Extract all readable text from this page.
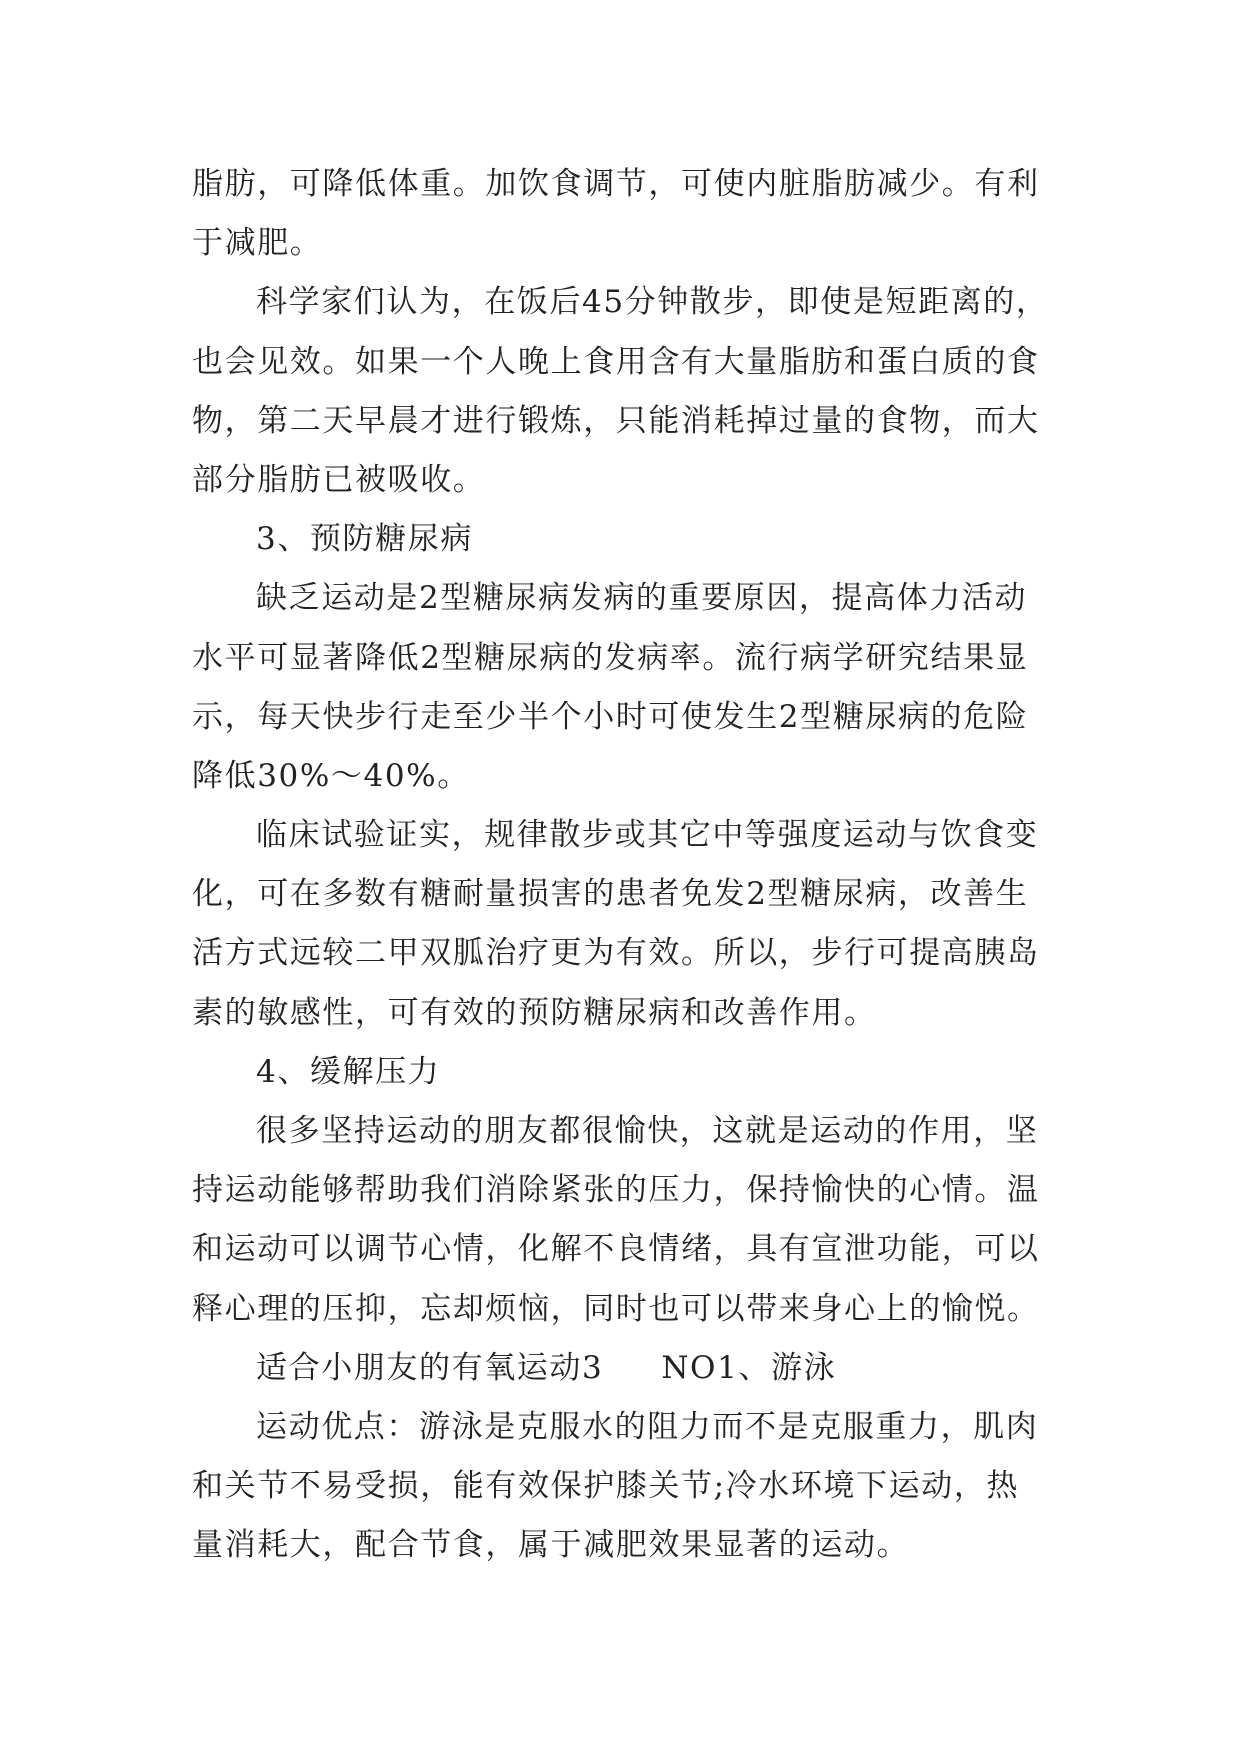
脂肪，可降低体重。加饮食调节，可使内脏脂肪减少。有利
于减肥。
科学家们认为，在饭后45分钟散步，即使是短距离的，
也会见效。如果一个人晚上食用含有大量脂肪和蛋白质的食
物，第二天早晨才进行锻炼，只能消耗掉过量的食物，而大
部分脂肪已被吸收。
3、预防糖尿病
缺乏运动是2型糖尿病发病的重要原因，提高体力活动
水平可显著降低2型糖尿病的发病率。流行病学研究结果显
示，每天快步行走至少半个小时可使发生2型糖尿病的危险
降低30%～40%。
临床试验证实，规律散步或其它中等强度运动与饮食变
化，可在多数有糖耐量损害的患者免发2型糖尿病，改善生
活方式远较二甲双胍治疗更为有效。所以，步行可提高胰岛
素的敏感性，可有效的预防糖尿病和改善作用。
4、缓解压力
很多坚持运动的朋友都很愉快，这就是运动的作用，坚
持运动能够帮助我们消除紧张的压力，保持愉快的心情。温
和运动可以调节心情，化解不良情绪，具有宣泄功能，可以
释心理的压抑，忘却烦恼，同时也可以带来身心上的愉悦。
适合小朋友的有氧运动3 NO1、游泳
运动优点：游泳是克服水的阻力而不是克服重力，肌肉
和关节不易受损，能有效保护膝关节;冷水环境下运动，热
量消耗大，配合节食，属于减肥效果显著的运动。
